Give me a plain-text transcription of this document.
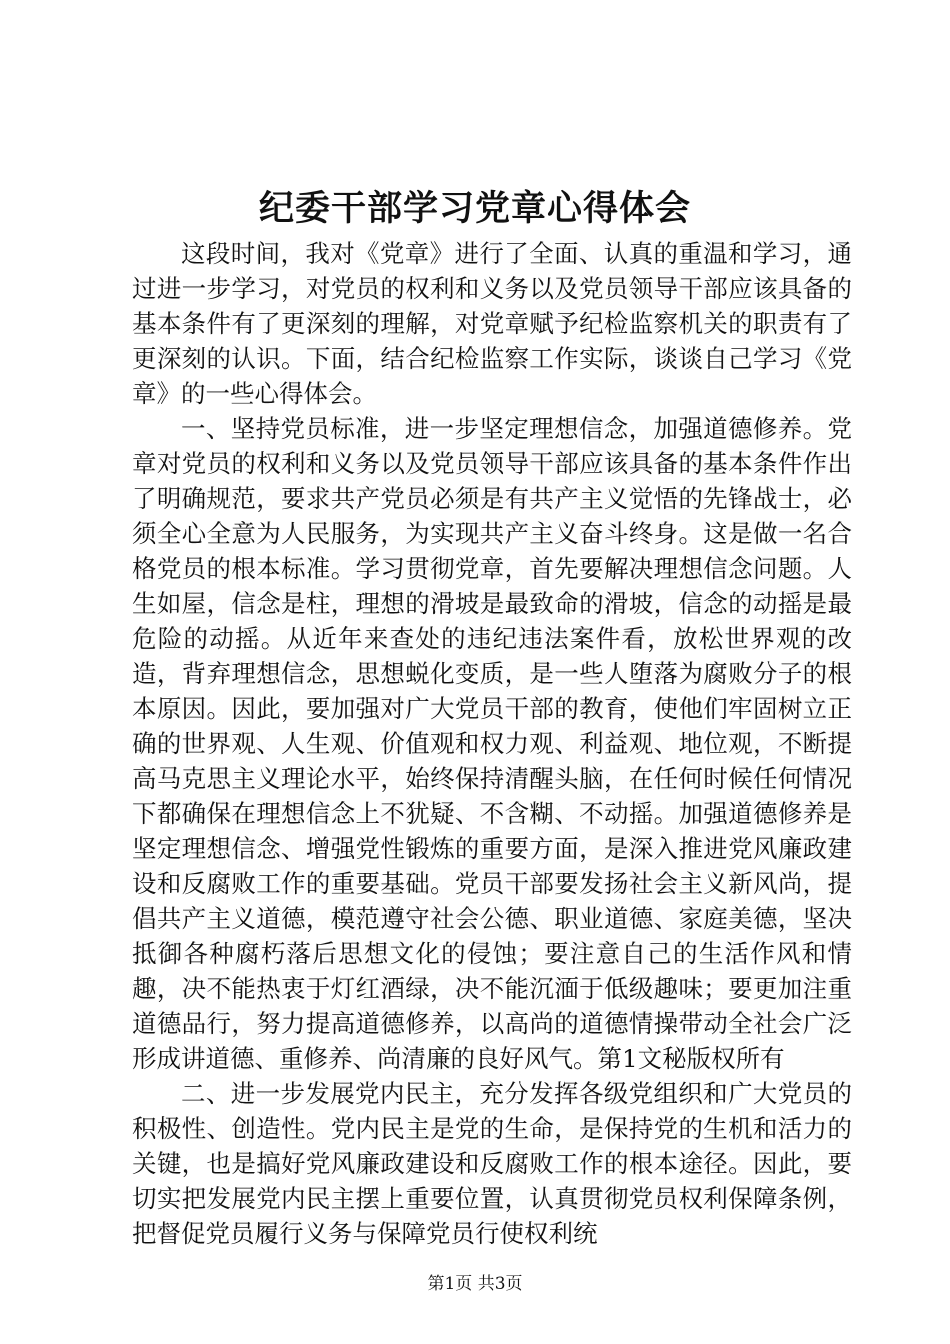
纪委干部学习党章心得体会

这段时间，我对《党章》进行了全面、认真的重温和学习，通过进一步学习，对党员的权利和义务以及党员领导干部应该具备的基本条件有了更深刻的理解，对党章赋予纪检监察机关的职责有了更深刻的认识。下面，结合纪检监察工作实际，谈谈自己学习《党章》的一些心得体会。

一、坚持党员标准，进一步坚定理想信念，加强道德修养。党章对党员的权利和义务以及党员领导干部应该具备的基本条件作出了明确规范，要求共产党员必须是有共产主义觉悟的先锋战士，必须全心全意为人民服务，为实现共产主义奋斗终身。这是做一名合格党员的根本标准。学习贯彻党章，首先要解决理想信念问题。人生如屋，信念是柱，理想的滑坡是最致命的滑坡，信念的动摇是最危险的动摇。从近年来查处的违纪违法案件看，放松世界观的改造，背弃理想信念，思想蜕化变质，是一些人堕落为腐败分子的根本原因。因此，要加强对广大党员干部的教育，使他们牢固树立正确的世界观、人生观、价值观和权力观、利益观、地位观，不断提高马克思主义理论水平，始终保持清醒头脑，在任何时候任何情况下都确保在理想信念上不犹疑、不含糊、不动摇。加强道德修养是坚定理想信念、增强党性锻炼的重要方面，是深入推进党风廉政建设和反腐败工作的重要基础。党员干部要发扬社会主义新风尚，提倡共产主义道德，模范遵守社会公德、职业道德、家庭美德，坚决抵御各种腐朽落后思想文化的侵蚀；要注意自己的生活作风和情趣，决不能热衷于灯红酒绿，决不能沉湎于低级趣味；要更加注重道德品行，努力提高道德修养，以高尚的道德情操带动全社会广泛形成讲道德、重修养、尚清廉的良好风气。第1文秘版权所有

二、进一步发展党内民主，充分发挥各级党组织和广大党员的积极性、创造性。党内民主是党的生命，是保持党的生机和活力的关键，也是搞好党风廉政建设和反腐败工作的根本途径。因此，要切实把发展党内民主摆上重要位置，认真贯彻党员权利保障条例，把督促党员履行义务与保障党员行使权利统

第1页 共3页
